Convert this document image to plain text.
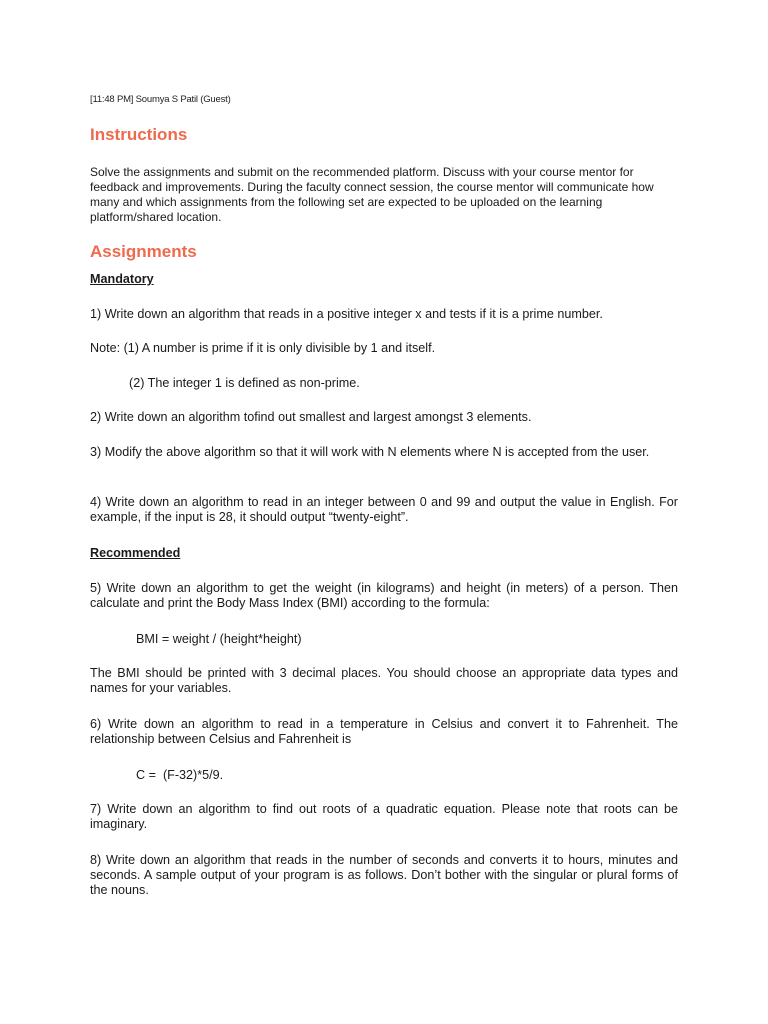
[11:48 PM] Soumya S Patil (Guest)
Instructions

Solve the assignments and submit on the recommended platform. Discuss with your course mentor for feedback and improvements. During the faculty connect session, the course mentor will communicate how many and which assignments from the following set are expected to be uploaded on the learning platform/shared location.

Assignments

Mandatory

1) Write down an algorithm that reads in a positive integer x and tests if it is a prime number.

Note: (1) A number is prime if it is only divisible by 1 and itself.

(2) The integer 1 is defined as non-prime.

2) Write down an algorithm tofind out smallest and largest amongst 3 elements.

3) Modify the above algorithm so that it will work with N elements where N is accepted from the user.

4) Write down an algorithm to read in an integer between 0 and 99 and output the value in English. For example, if the input is 28, it should output “twenty-eight”.

Recommended

5) Write down an algorithm to get the weight (in kilograms) and height (in meters) of a person. Then calculate and print the Body Mass Index (BMI) according to the formula:

BMI = weight / (height*height)

The BMI should be printed with 3 decimal places. You should choose an appropriate data types and names for your variables.

6) Write down an algorithm to read in a temperature in Celsius and convert it to Fahrenheit. The relationship between Celsius and Fahrenheit is

C =  (F-32)*5/9.

7) Write down an algorithm to find out roots of a quadratic equation. Please note that roots can be imaginary.

8) Write down an algorithm that reads in the number of seconds and converts it to hours, minutes and seconds. A sample output of your program is as follows. Don’t bother with the singular or plural forms of the nouns.
